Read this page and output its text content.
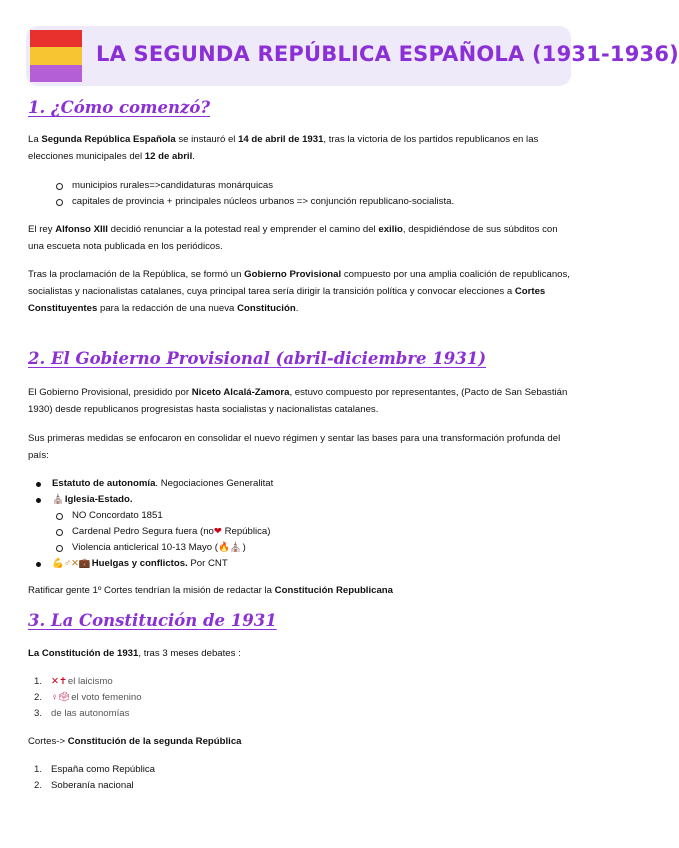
LA SEGUNDA REPÚBLICA ESPAÑOLA (1931-1936)
1. ¿Cómo comenzó?

La Segunda República Española se instauró el 14 de abril de 1931, tras la victoria de los partidos republicanos en las elecciones municipales del 12 de abril.

municipios rurales=>candidaturas monárquicas
capitales de provincia + principales núcleos urbanos => conjunción republicano-socialista.

El rey Alfonso XIII decidió renunciar a la potestad real y emprender el camino del exilio, despidiéndose de sus súbditos con una escueta nota publicada en los periódicos.

Tras la proclamación de la República, se formó un Gobierno Provisional compuesto por una amplia coalición de republicanos, socialistas y nacionalistas catalanes, cuya principal tarea sería dirigir la transición política y convocar elecciones a Cortes Constituyentes para la redacción de una nueva Constitución.

2. El Gobierno Provisional (abril-diciembre 1931)

El Gobierno Provisional, presidido por Niceto Alcalá-Zamora, estuvo compuesto por representantes, (Pacto de San Sebastián 1930) desde republicanos progresistas hasta socialistas y nacionalistas catalanes.

Sus primeras medidas se enfocaron en consolidar el nuevo régimen y sentar las bases para una transformación profunda del país:

Estatuto de autonomía. Negociaciones Generalitat
⛪Iglesia-Estado.
NO Concordato 1851
Cardenal Pedro Segura fuera (no❤ República)
Violencia anticlerical 10-13 Mayo (🔥⛪)
💪♂✕💼Huelgas y conflictos. Por CNT

Ratificar gente 1º Cortes tendrían la misión de redactar la Constitución Republicana

3. La Constitución de 1931

La Constitución de 1931, tras 3 meses debates :

1. ✕✝el laicismo
2. ♀🗳el voto femenino
3. de las autonomías

Cortes-> Constitución de la segunda República

1. España como República
2. Soberanía nacional
